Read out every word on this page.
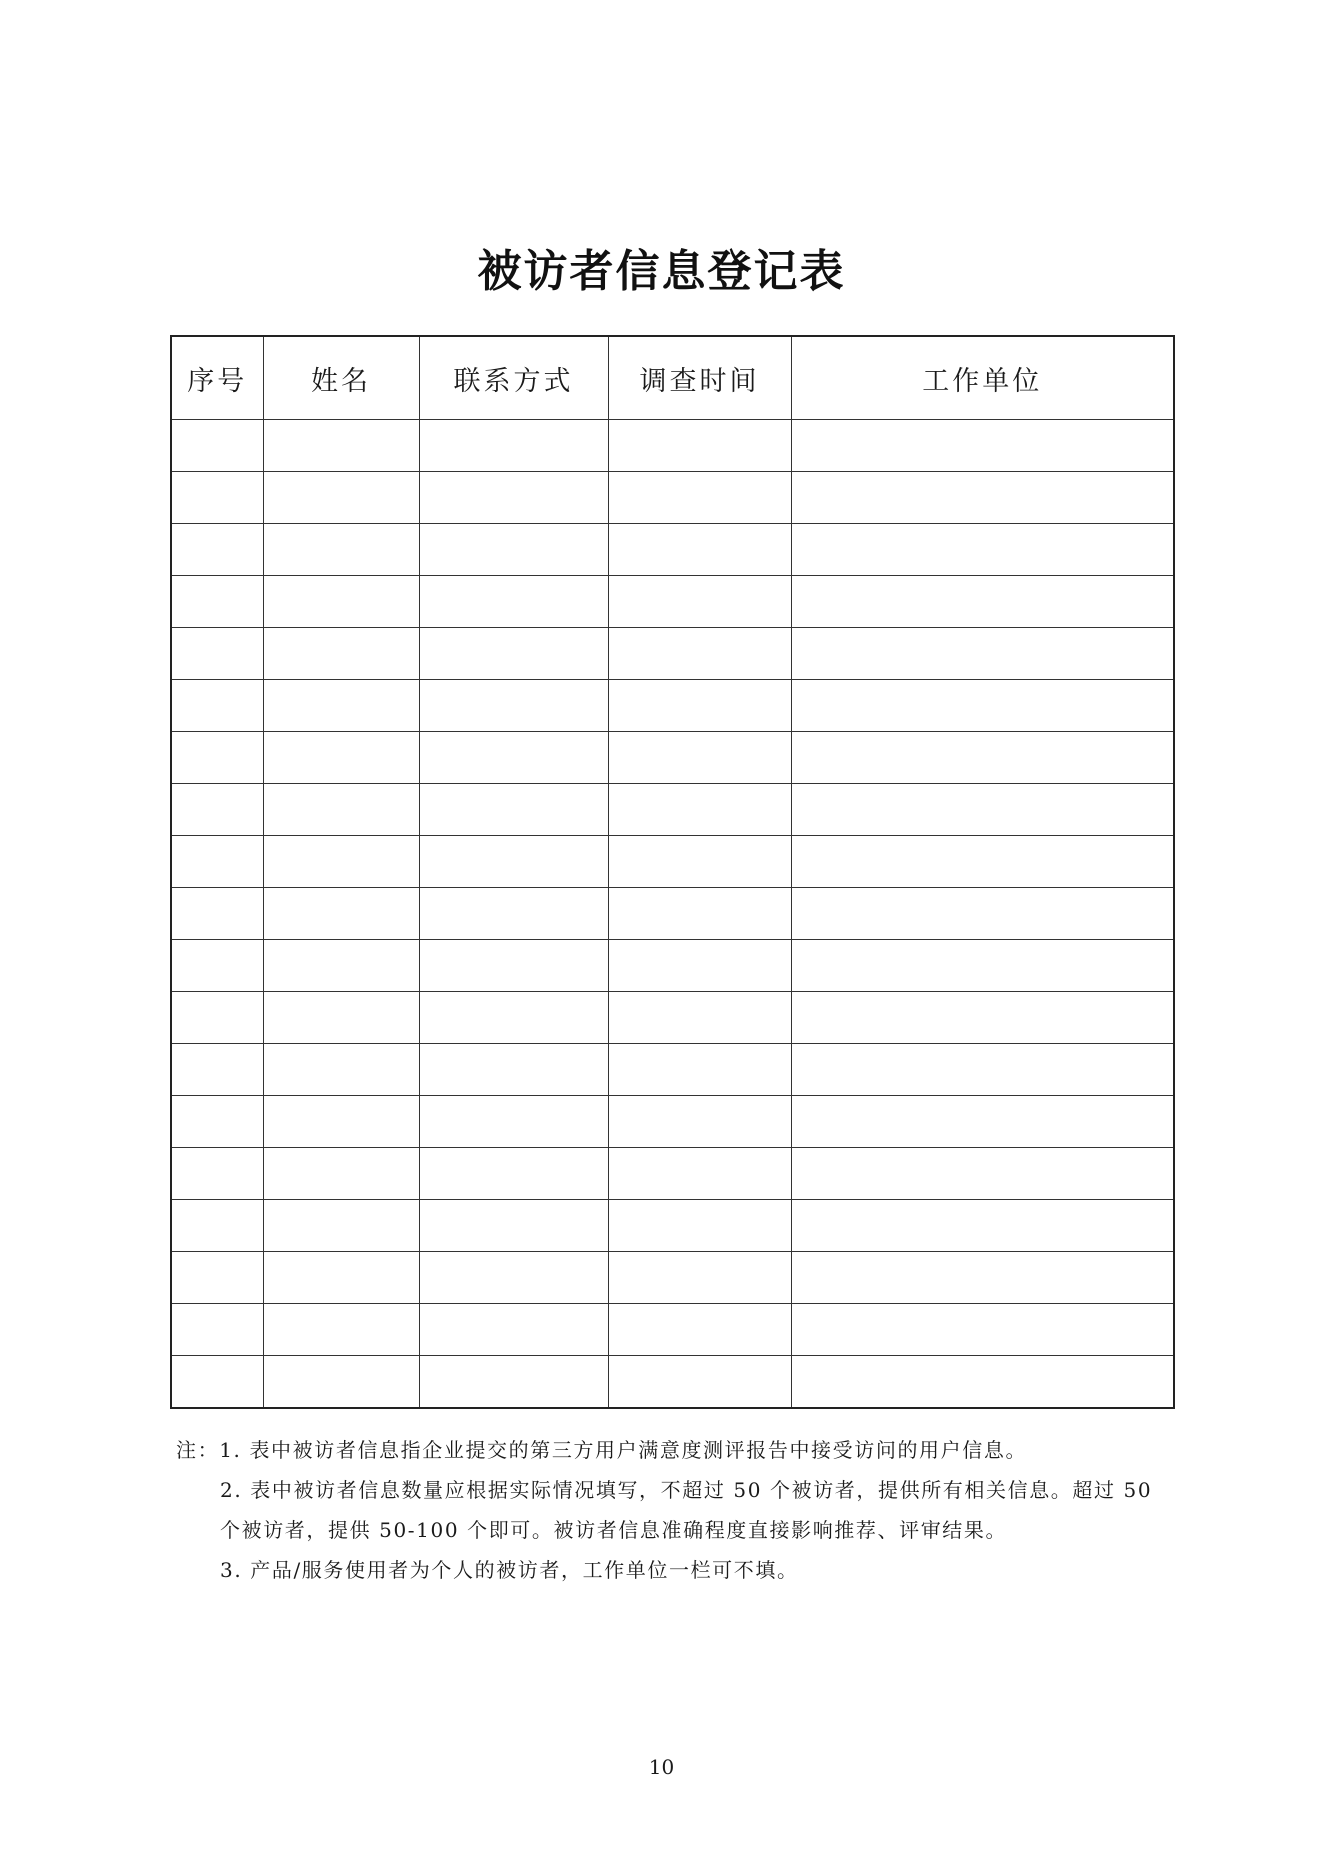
被访者信息登记表
序号	姓名	联系方式	调查时间	工作单位

注：1. 表中被访者信息指企业提交的第三方用户满意度测评报告中接受访问的用户信息。

2. 表中被访者信息数量应根据实际情况填写，不超过 50 个被访者，提供所有相关信息。超过 50 个被访者，提供 50-100 个即可。被访者信息准确程度直接影响推荐、评审结果。

3. 产品/服务使用者为个人的被访者，工作单位一栏可不填。

10
